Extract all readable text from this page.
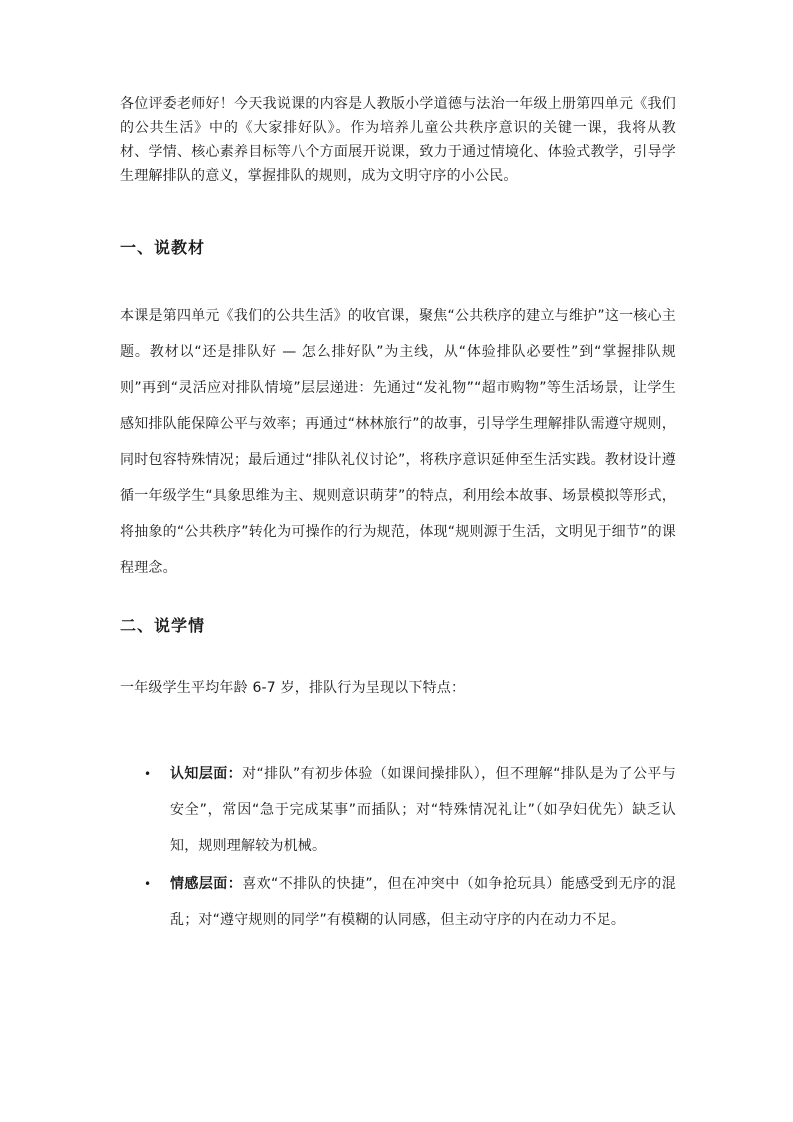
各位评委老师好！今天我说课的内容是人教版小学道德与法治一年级上册第四单元《我们的公共生活》中的《大家排好队》。作为培养儿童公共秩序意识的关键一课，我将从教材、学情、核心素养目标等八个方面展开说课，致力于通过情境化、体验式教学，引导学生理解排队的意义，掌握排队的规则，成为文明守序的小公民。

一、说教材

本课是第四单元《我们的公共生活》的收官课，聚焦“公共秩序的建立与维护”这一核心主题。教材以“还是排队好 — 怎么排好队”为主线，从“体验排队必要性”到“掌握排队规则”再到“灵活应对排队情境”层层递进：先通过“发礼物”“超市购物”等生活场景，让学生感知排队能保障公平与效率；再通过“林林旅行”的故事，引导学生理解排队需遵守规则，同时包容特殊情况；最后通过“排队礼仪讨论”，将秩序意识延伸至生活实践。教材设计遵循一年级学生“具象思维为主、规则意识萌芽”的特点，利用绘本故事、场景模拟等形式，将抽象的“公共秩序”转化为可操作的行为规范，体现“规则源于生活，文明见于细节”的课程理念。

二、说学情

一年级学生平均年龄 6-7 岁，排队行为呈现以下特点：

• 认知层面：对“排队”有初步体验（如课间操排队），但不理解“排队是为了公平与安全”，常因“急于完成某事”而插队；对“特殊情况礼让”（如孕妇优先）缺乏认知，规则理解较为机械。
• 情感层面：喜欢“不排队的快捷”，但在冲突中（如争抢玩具）能感受到无序的混乱；对“遵守规则的同学”有模糊的认同感，但主动守序的内在动力不足。
